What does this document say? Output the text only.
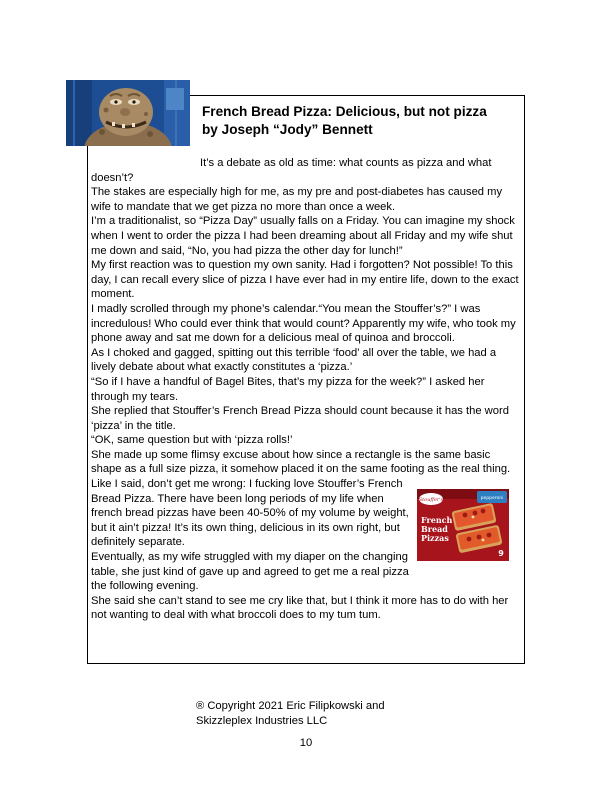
French Bread Pizza: Delicious, but not pizza
by Joseph “Jody” Bennett

It’s a debate as old as time: what counts as pizza and what doesn’t?

The stakes are especially high for me, as my pre and post-diabetes has caused my wife to mandate that we get pizza no more than once a week.

I’m a traditionalist, so “Pizza Day” usually falls on a Friday. You can imagine my shock when I went to order the pizza I had been dreaming about all Friday and my wife shut me down and said, “No, you had pizza the other day for lunch!”

My first reaction was to question my own sanity. Had i forgotten? Not possible! To this day, I can recall every slice of pizza I have ever had in my entire life, down to the exact moment.

I madly scrolled through my phone’s calendar.“You mean the Stouffer’s?” I was incredulous! Who could ever think that would count? Apparently my wife, who took my phone away and sat me down for a delicious meal of quinoa and broccoli.

As I choked and gagged, spitting out this terrible ‘food’ all over the table, we had a lively debate about what exactly constitutes a ‘pizza.’

“So if I have a handful of Bagel Bites, that’s my pizza for the week?” I asked her through my tears.

She replied that Stouffer’s French Bread Pizza should count because it has the word ‘pizza’ in the title.

“OK, same question but with ‘pizza rolls!’

She made up some flimsy excuse about how since a rectangle is the same basic shape as a full size pizza, it somehow placed it on the same footing as the real thing.

Stouffer's	pepperoni
French
Bread
Pizzas
9

Like I said, don’t get me wrong: I fucking love Stouffer’s French Bread Pizza. There have been long periods of my life when french bread pizzas have been 40-50% of my volume by weight, but it ain’t pizza! It’s its own thing, delicious in its own right, but definitely separate.

Eventually, as my wife struggled with my diaper on the changing table, she just kind of gave up and agreed to get me a real pizza the following evening.

She said she can’t stand to see me cry like that, but I think it more has to do with her not wanting to deal with what broccoli does to my tum tum.

® Copyright 2021 Eric Filipkowski and
Skizzleplex Industries LLC
10
